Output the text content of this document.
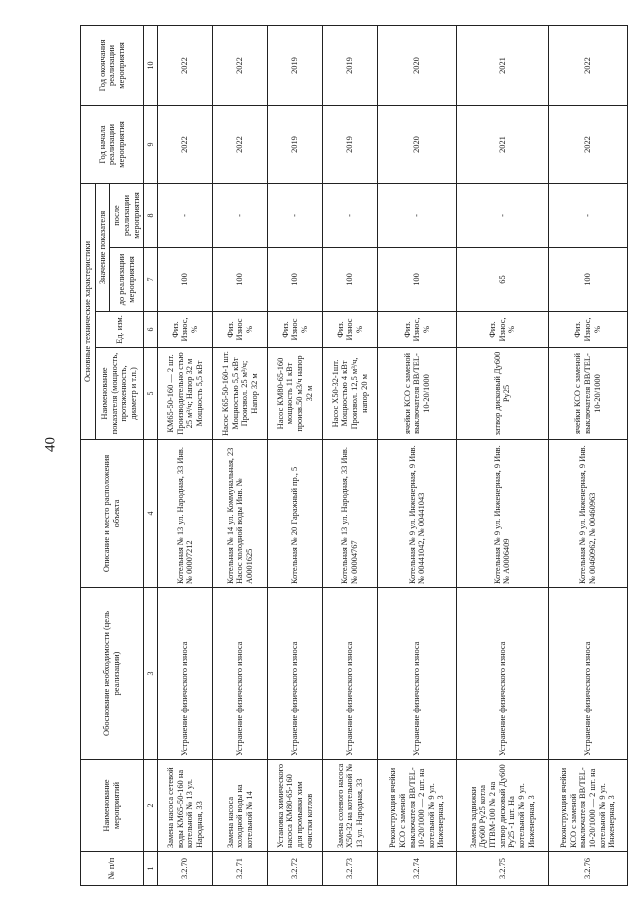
40
№ п/п	Наименование мероприятий	Обоснование необходимости (цель реализации)	Описание и место расположения объекта	Основные технические характеристики				Год начала реализации мероприятия	Год окончания реализации мероприятия
				Наименование показателя (мощность, протяженность, диаметр и т.п.)	Ед. изм.	Значение показателя			
						до реализации мероприятия	после реализации мероприятия		
1	2	3	4	5	6	7	8	9	10
3.2.70	Замена насоса сетевой воды КМ65-50-160 на котельной № 13 ул. Народная, 33	Устранение физического износа	Котельная № 13 ул. Народная, 33 Инв. № 00007212	КМ65-50-160 — 2 шт. Производительно стью 25 м³/ч; Напор 32 м Мощность 5,5 кВт	Физ. Износ, %	100	-	2022	2022
3.2.71	Замена насоса холодной воды на котельной № 14	Устранение физического износа	Котельная № 14 ул. Коммунальная, 23 Насос холодной воды Инв. № А0001625	Насос К65-50-160-1 шт. Мощностью 5,5 кВт Произвол. 25 м³/ч; Напор 32 м	Физ. Износ %	100	-	2022	2022
3.2.72	Установка химического насоса КМ80-65-160 для промывки хим очистки котлов	Устранение физического износа	Котельная № 20 Гаражный пр., 5	Насос КМ80-65-160 мощность 11 кВт произв.50 м3/ч напор 32 м	Физ. Износ %	100	-	2019	2019
3.2.73	Замена солевого насоса Х50-32 на котельной № 13 ул. Народная, 33	Устранение физического износа	Котельная № 13 ул. Народная, 33 Инв. № 00004767	Насос Х50-32-1шт. Мощностью 4 кВт Произвол. 12,5 м³/ч, напор 20 м	Физ. Износ %	100	-	2019	2019
3.2.74	Реконструкция ячейки КСО с заменой выключателя ВВ/TEL-10-20/1000 — 2 шт. на котельной № 9 ул. Инженерная, 3	Устранение физического износа	Котельная № 9 ул. Инженерная, 9 Инв. № 00441042, № 00441043	ячейки КСО с заменой выключателя ВВ/TEL-10-20/1000	Физ. Износ, %	100	-	2020	2020
3.2.75	Замена задвижки Ду600 Ру25 котла ПТВМ-100 № 2 на затвор дисковый Ду600 Ру25 -1 шт. На котельной № 9 ул. Инженерная, 3	Устранение физического износа	Котельная № 9 ул. Инженерная, 9 Инв. № А0006409	затвор дисковый Ду600 Ру25	Физ. Износ, %	65	-	2021	2021
3.2.76	Реконструкция ячейки КСО с заменой выключателя ВВ/TEL-10-20/1000 — 2 шт. на котельной № 9 ул. Инженерная, 3	Устранение физического износа	Котельная № 9 ул. Инженерная, 9 Инв. № 00460962, № 00460963	ячейки КСО с заменой выключателя ВВ/TEL-10-20/1000	Физ. Износ, %	100	-	2022	2022
